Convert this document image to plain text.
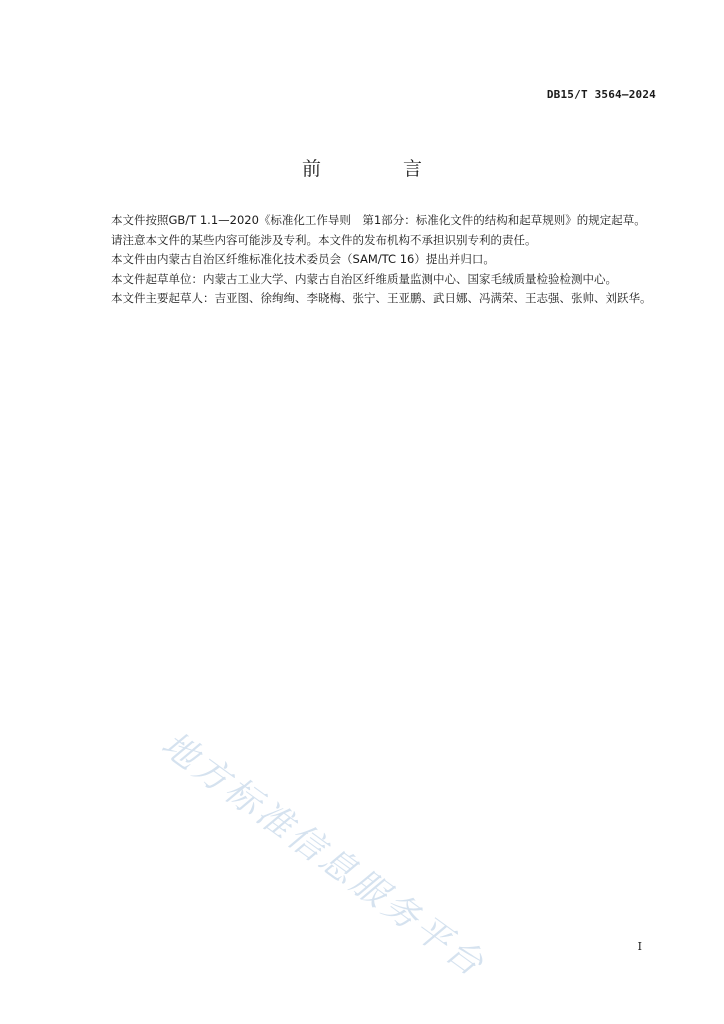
DB15/T 3564—2024
前 言

本文件按照GB/T 1.1—2020《标准化工作导则　第1部分：标准化文件的结构和起草规则》的规定起草。

请注意本文件的某些内容可能涉及专利。本文件的发布机构不承担识别专利的责任。

本文件由内蒙古自治区纤维标准化技术委员会（SAM/TC 16）提出并归口。

本文件起草单位：内蒙古工业大学、内蒙古自治区纤维质量监测中心、国家毛绒质量检验检测中心。

本文件主要起草人：吉亚图、徐绚绚、李晓梅、张宁、王亚鹏、武日娜、冯满荣、王志强、张帅、刘跃华。

地方标准信息服务平台	I
